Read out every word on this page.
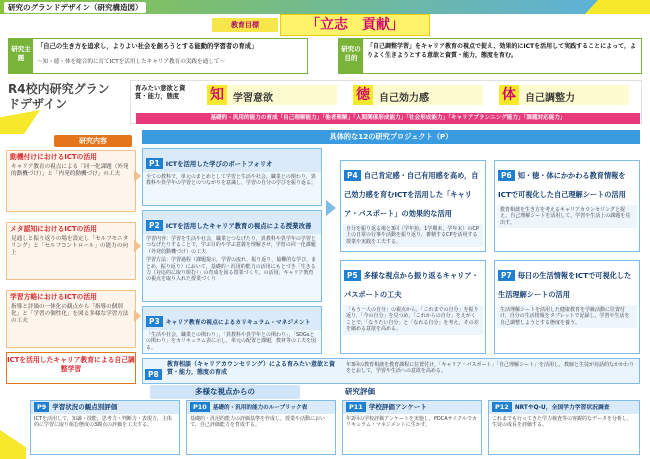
研究のグランドデザイン（研究構造図）
教育目標	「立志　貢献」
研究主題
「自己の生き方を追求し，よりよい社会を創ろうとする能動的学習者の育成」
～知・徳・体を総合的に育てICTを活用したキャリア教育の実践を通して～
研究の目的
「自己調整学習」をキャリア教育の視点で捉え、効果的にICTを活用して実践することによって，よりよく生きようとする意欲と資質・能力，態度を育む。
R4校内研究グランドデザイン
育みたい意欲と資質・能力，態度	知 学習意欲	徳 自己効力感	体 自己調整力
基礎的・汎用的能力の育成「自己理解能力」「他者理解」「人間関係形成能力」「社会形成能力」「キャリアプランニング能力」「課題対応能力」
研究内容	具体的な12の研究プロジェクト（P）
動機付けにおけるICTの活用

キャリア教育の視点による「同一化課題（外発的動機づけ）」と「内発的動機づけ」の工夫

メタ認知におけるICTの活用

見通しと振り返りの場を設定し「セルフモニタリング」と「セルフコントロール」の能力の向上

学習方略におけるICTの活用

指導と評価の一体化の観点から「指導の個別化」と「学習の個性化」を図る多様な学習方法の工夫

ICTを活用したキャリア教育による自己調整学習
P1 ICTを活用した学びのポートフォリオ
全ての教科で，単元のまとめとして学習と生活や社会，職業との関わり，異教科や異学年の学習とのつながりを意識し，学習の自分の学びを振り返る。
P2 ICTを活用したキャリア教育の視点による授業改善
学習内容：学習を生活や社会，職業とつなげたり，異教科や異学年の学習とつなげたりすることで，学ぶ目的や学ぶ意義を理解させ，学習の同一化課題（外発的動機づけ）の工夫
学習方法：学習過程（課題提示，学習の流れ，振り返り，協働的な学び，まとめ，振り返り）において，基礎的・汎用的能力の活用にもとづき「生きる力（対応的に取り組む）」の育成を図る授業づくり。の活用，キャリア教育の視点を取り入れた授業づくり
P3 キャリア教育の視点によるカリキュラム・マネジメント
「生活や社会，職業との関わり」，「異教科や異学年との関わり」，「SDGsとの関わり」をカリキュラム表に示し，単元の配置と課題，教材等の工夫を図る。
P4 自己肯定感・自己有用感を高め，自己効力感を育むICTを活用した「キャリア・パスポート」の効果的な活用
自分を振り返る場と3回（学年始，1学期末，学年末）のCP上の日常の行事や活動を振り返り，蓄積するCPを活用する授業や実践を工夫する。
P5 多様な視点から振り返るキャリア・パスポートの工夫
「もう一人の自分」の視点から，「これまでの自分」を振り返り，「今の自分」を見つめ，「これからの自分」をえがくことで，「なりたい自分」と「なれる自分」を考え，その差を縮める意欲を高める。
P6 知・徳・体にかかわる教育情報をICTで可視化した自己理解シートの活用
教育相談を生き方を考えるキャリアカウンセリングと捉え，自己理解シートを活用して，学習や生活上の課題を見出す。
P7 毎日の生活情報をICTで可視化した生活理解シートの活用
生活理解シートを活用した健康教育を学級活動に位置付け，自分の生活情報をタブレットで記録し，学習や生活を自己調整しようとする態度を養う。
P8
教育相談（キャリアカウンセリング）による育みたい意欲と資質・能力，態度の育成
年3回の教育相談を教育課程に位置付け，「キャリア・パスポート」「自己理解シート」を活用し，教師と生徒が対話的なかかわりをとおして，学習や生活への意欲を高める。
多様な視点からの	研究評価
P9 学習状況の観点別評価
ICTを活用して，知識・技能，思考力・判断力・表現力，主体的に学習に取り組む態度の3観点の評価を工夫する。
P10 基礎的・汎用的能力のルーブリック表
基礎的・汎用的能力の評価基準を作成し，授業や活動において，自己評価能力を育成する。
P11 学校評価アンケート
年2回の学校評価アンケートを実施し，PDCAサイクルでカリキュラム・マネジメントに生かす。
P12 NRTやQ-U，全国学力学習状況調査
これまでも行ってきた学力検査等の客観的なデータを分析し，生徒の成長を評価する。
